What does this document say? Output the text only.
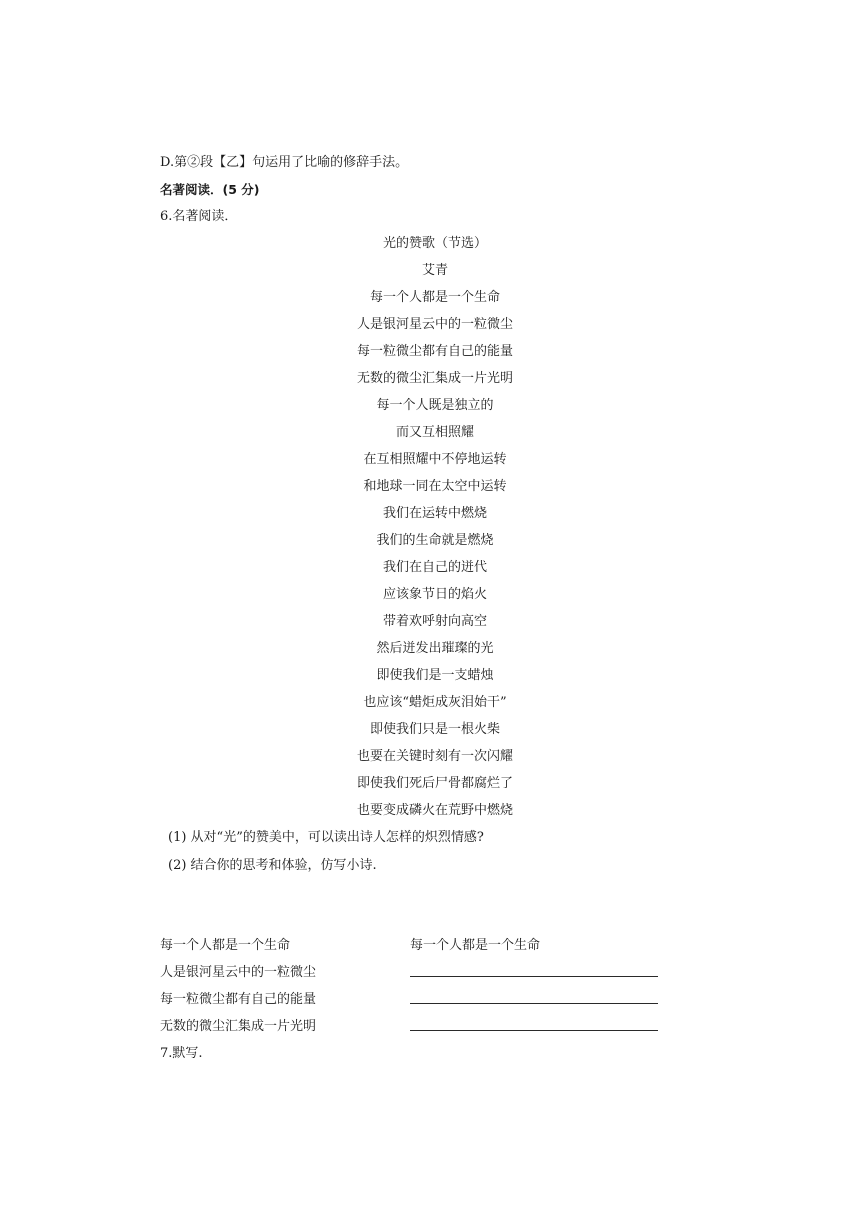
D.第②段【乙】句运用了比喻的修辞手法。
名著阅读．(5 分)
6.名著阅读．
光的赞歌（节选）
艾青
每一个人都是一个生命
人是银河星云中的一粒微尘
每一粒微尘都有自己的能量
无数的微尘汇集成一片光明
每一个人既是独立的
而又互相照耀
在互相照耀中不停地运转
和地球一同在太空中运转
我们在运转中燃烧
我们的生命就是燃烧
我们在自己的迸代
应该象节日的焰火
带着欢呼射向高空
然后迸发出璀璨的光
即使我们是一支蜡烛
也应该“蜡炬成灰泪始干”
即使我们只是一根火柴
也要在关键时刻有一次闪耀
即使我们死后尸骨都腐烂了
也要变成磷火在荒野中燃烧
(1) 从对“光”的赞美中，可以读出诗人怎样的炽烈情感?
(2) 结合你的思考和体验，仿写小诗.
每一个人都是一个生命
人是银河星云中的一粒微尘
每一粒微尘都有自己的能量
无数的微尘汇集成一片光明
每一个人都是一个生命
7.默写.
